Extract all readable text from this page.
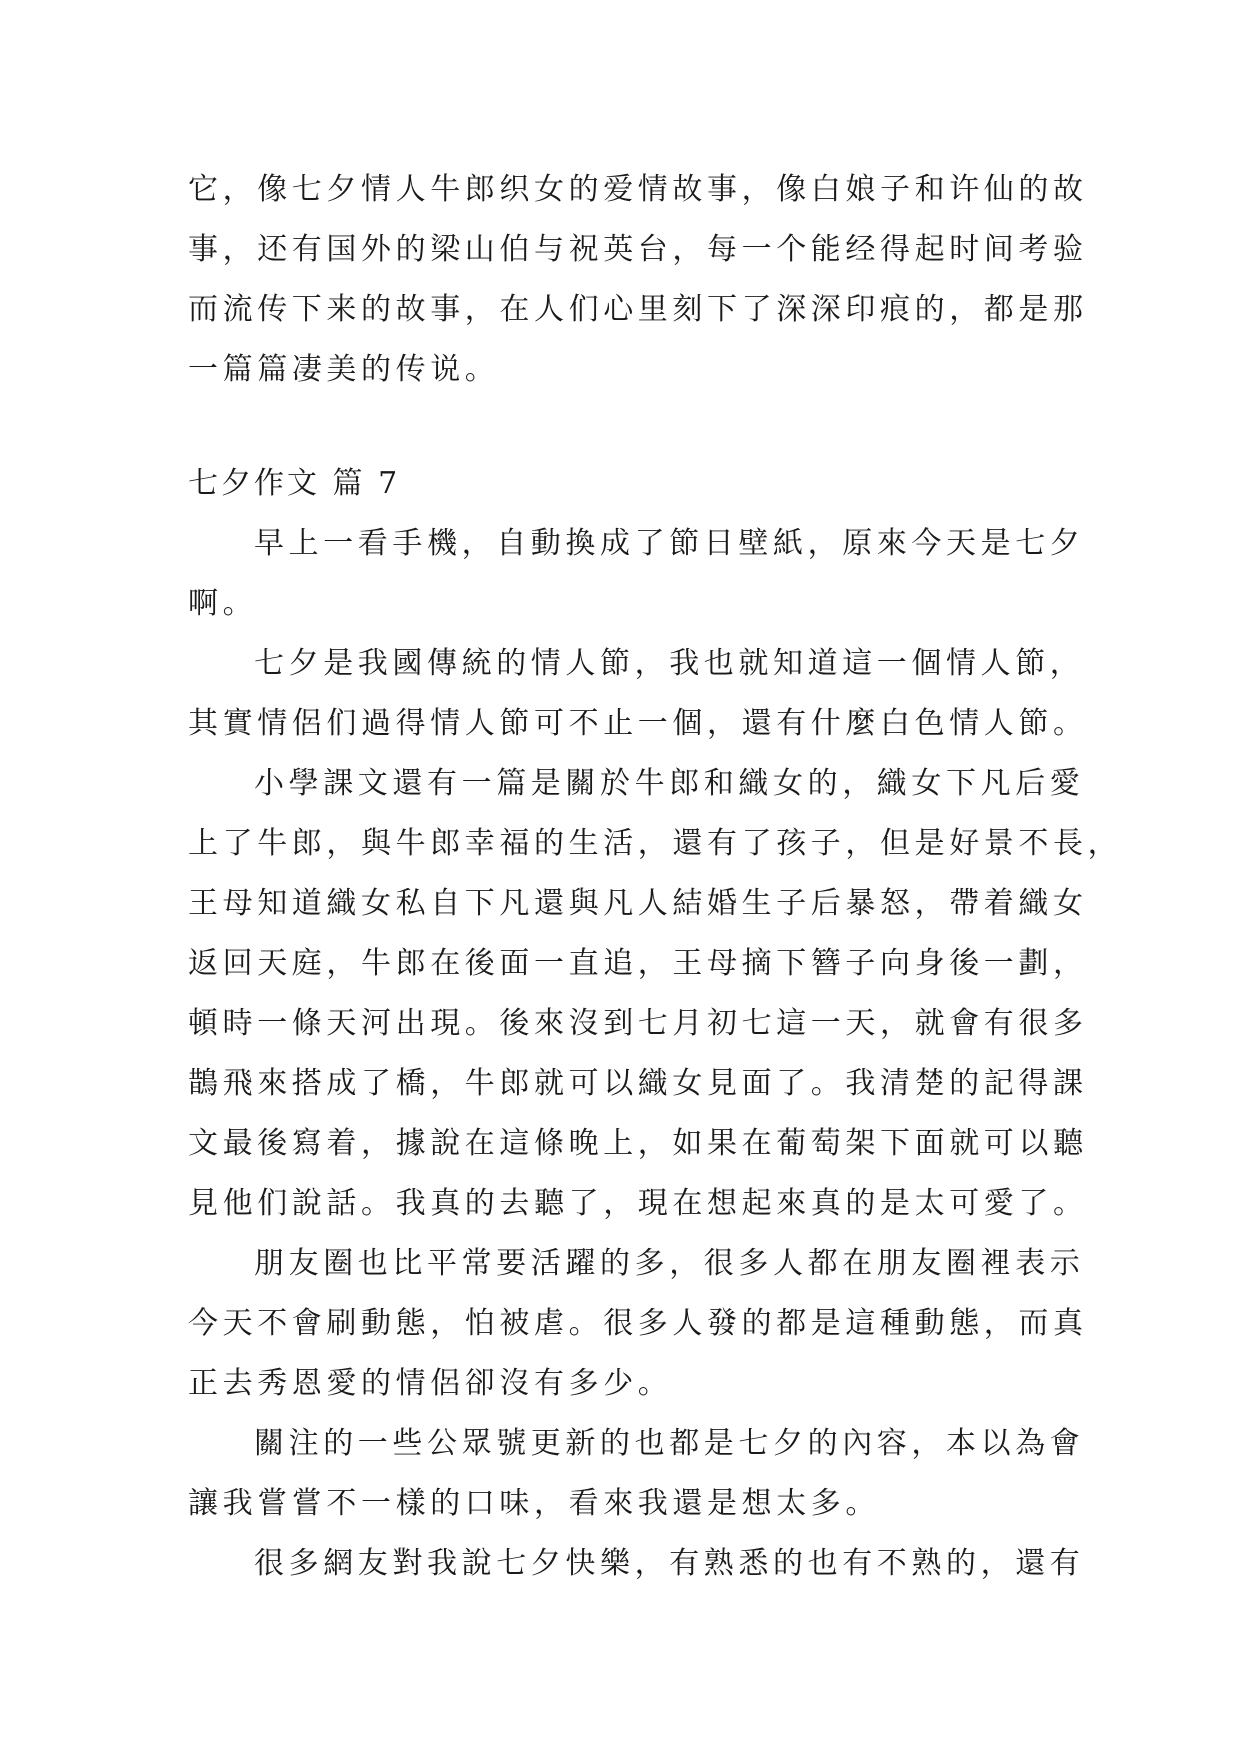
它，像七夕情人牛郎织女的爱情故事，像白娘子和许仙的故

事，还有国外的梁山伯与祝英台，每一个能经得起时间考验

而流传下来的故事，在人们心里刻下了深深印痕的，都是那

一篇篇凄美的传说。

七夕作文 篇 7

早上一看手機，自動換成了節日壁紙，原來今天是七夕

啊。

七夕是我國傳統的情人節，我也就知道這一個情人節，

其實情侶们過得情人節可不止一個，還有什麼白色情人節。

小學課文還有一篇是關於牛郎和織女的，織女下凡后愛

上了牛郎，與牛郎幸福的生活，還有了孩子，但是好景不長，

王母知道織女私自下凡還與凡人結婚生子后暴怒，帶着織女

返回天庭，牛郎在後面一直追，王母摘下簪子向身後一劃，

頓時一條天河出現。後來沒到七月初七這一天，就會有很多

鵲飛來搭成了橋，牛郎就可以織女見面了。我清楚的記得課

文最後寫着，據說在這條晚上，如果在葡萄架下面就可以聽

見他们說話。我真的去聽了，現在想起來真的是太可愛了。

朋友圈也比平常要活躍的多，很多人都在朋友圈裡表示

今天不會刷動態，怕被虐。很多人發的都是這種動態，而真

正去秀恩愛的情侶卻沒有多少。

關注的一些公眾號更新的也都是七夕的內容，本以為會

讓我嘗嘗不一樣的口味，看來我還是想太多。

很多網友對我說七夕快樂，有熟悉的也有不熟的，還有
